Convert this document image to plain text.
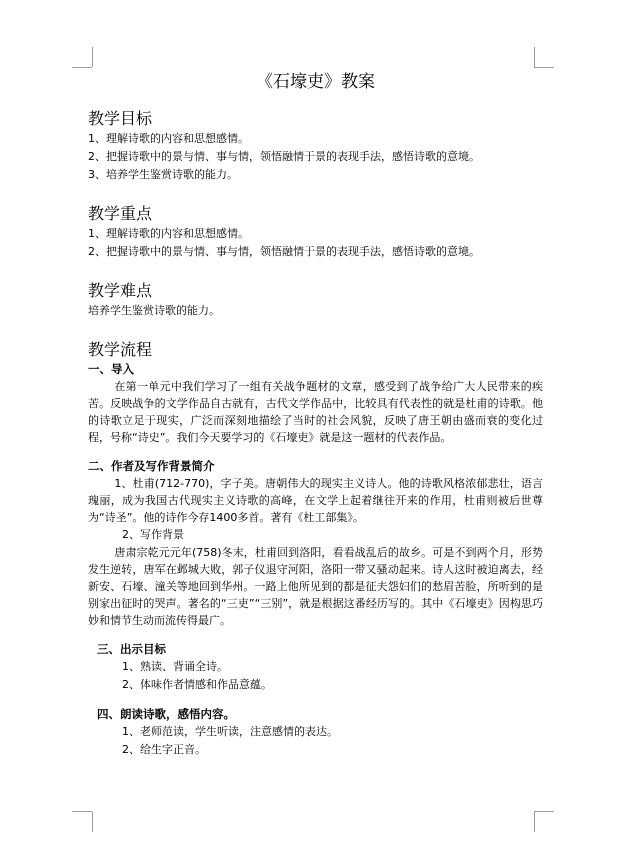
《石壕吏》教案
教学目标
1、理解诗歌的内容和思想感情。
2、把握诗歌中的景与情、事与情，领悟融情于景的表现手法，感悟诗歌的意境。
3、培养学生鉴赏诗歌的能力。
教学重点
1、理解诗歌的内容和思想感情。
2、把握诗歌中的景与情、事与情，领悟融情于景的表现手法，感悟诗歌的意境。
教学难点
培养学生鉴赏诗歌的能力。
教学流程
一、导入
在第一单元中我们学习了一组有关战争题材的文章，感受到了战争给广大人民带来的疾苦。反映战争的文学作品自古就有，古代文学作品中，比较具有代表性的就是杜甫的诗歌。他的诗歌立足于现实，广泛而深刻地描绘了当时的社会风貌，反映了唐王朝由盛而衰的变化过程，号称“诗史”。我们今天要学习的《石壕吏》就是这一题材的代表作品。
二、作者及写作背景简介
1、杜甫(712-770)，字子美。唐朝伟大的现实主义诗人。他的诗歌风格浓郁悲壮，语言瑰丽，成为我国古代现实主义诗歌的高峰，在文学上起着继往开来的作用，杜甫则被后世尊为“诗圣”。他的诗作今存1400多首。著有《杜工部集》。
2、写作背景
唐肃宗乾元元年(758)冬末，杜甫回到洛阳，看看战乱后的故乡。可是不到两个月，形势发生逆转，唐军在邺城大败，郭子仪退守河阳，洛阳一带又骚动起来。诗人这时被迫离去，经新安、石壕、潼关等地回到华州。一路上他所见到的都是征夫怨妇们的愁眉苦脸，所听到的是别家出征时的哭声。著名的“三吏”“三别”，就是根据这番经历写的。其中《石壕吏》因构思巧妙和情节生动而流传得最广。
三、出示目标
1、熟读、背诵全诗。
2、体味作者情感和作品意蕴。
四、朗读诗歌，感悟内容。
1、老师范读，学生听读，注意感情的表达。
2、给生字正音。
